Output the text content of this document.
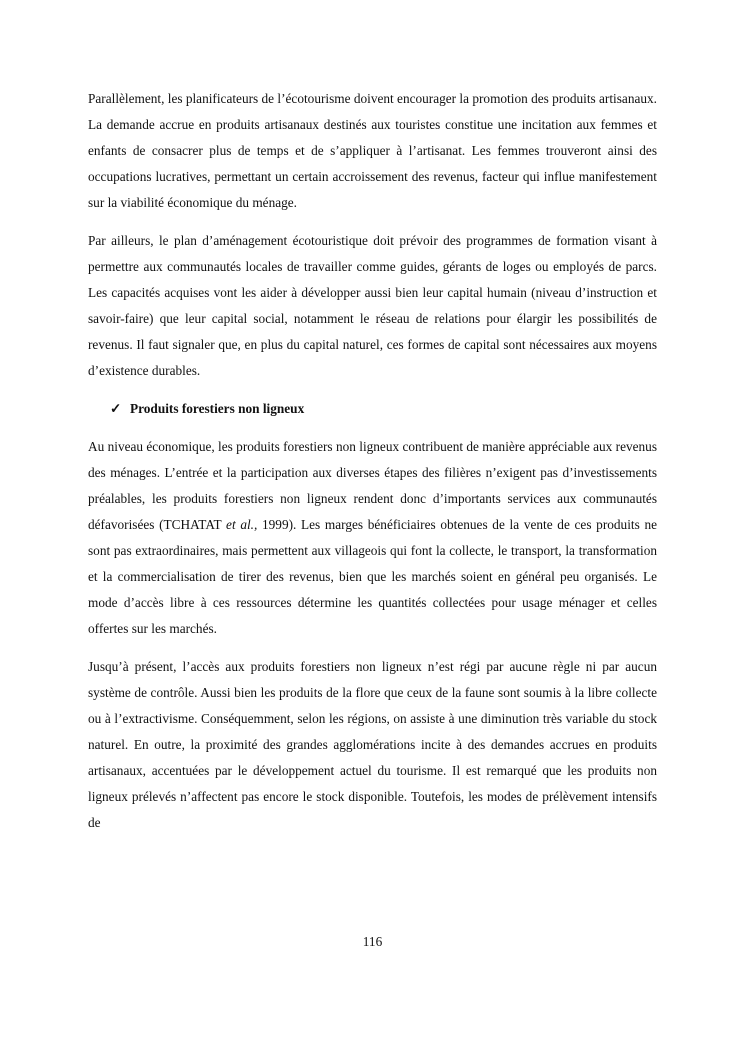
Parallèlement, les planificateurs de l’écotourisme doivent encourager la promotion des produits artisanaux. La demande accrue en produits artisanaux destinés aux touristes constitue une incitation aux femmes et enfants de consacrer plus de temps et de s’appliquer à l’artisanat. Les femmes trouveront ainsi des occupations lucratives, permettant un certain accroissement des revenus, facteur qui influe manifestement sur la viabilité économique du ménage.

Par ailleurs, le plan d’aménagement écotouristique doit prévoir des programmes de formation visant à permettre aux communautés locales de travailler comme guides, gérants de loges ou employés de parcs. Les capacités acquises vont les aider à développer aussi bien leur capital humain (niveau d’instruction et savoir-faire) que leur capital social, notamment le réseau de relations pour élargir les possibilités de revenus. Il faut signaler que, en plus du capital naturel, ces formes de capital sont nécessaires aux moyens d’existence durables.

✓ Produits forestiers non ligneux

Au niveau économique, les produits forestiers non ligneux contribuent de manière appréciable aux revenus des ménages. L’entrée et la participation aux diverses étapes des filières n’exigent pas d’investissements préalables, les produits forestiers non ligneux rendent donc d’importants services aux communautés défavorisées (TCHATAT et al., 1999). Les marges bénéficiaires obtenues de la vente de ces produits ne sont pas extraordinaires, mais permettent aux villageois qui font la collecte, le transport, la transformation et la commercialisation de tirer des revenus, bien que les marchés soient en général peu organisés. Le mode d’accès libre à ces ressources détermine les quantités collectées pour usage ménager et celles offertes sur les marchés.

Jusqu’à présent, l’accès aux produits forestiers non ligneux n’est régi par aucune règle ni par aucun système de contrôle. Aussi bien les produits de la flore que ceux de la faune sont soumis à la libre collecte ou à l’extractivisme. Conséquemment, selon les régions, on assiste à une diminution très variable du stock naturel. En outre, la proximité des grandes agglomérations incite à des demandes accrues en produits artisanaux, accentuées par le développement actuel du tourisme. Il est remarqué que les produits non ligneux prélevés n’affectent pas encore le stock disponible. Toutefois, les modes de prélèvement intensifs de

116
